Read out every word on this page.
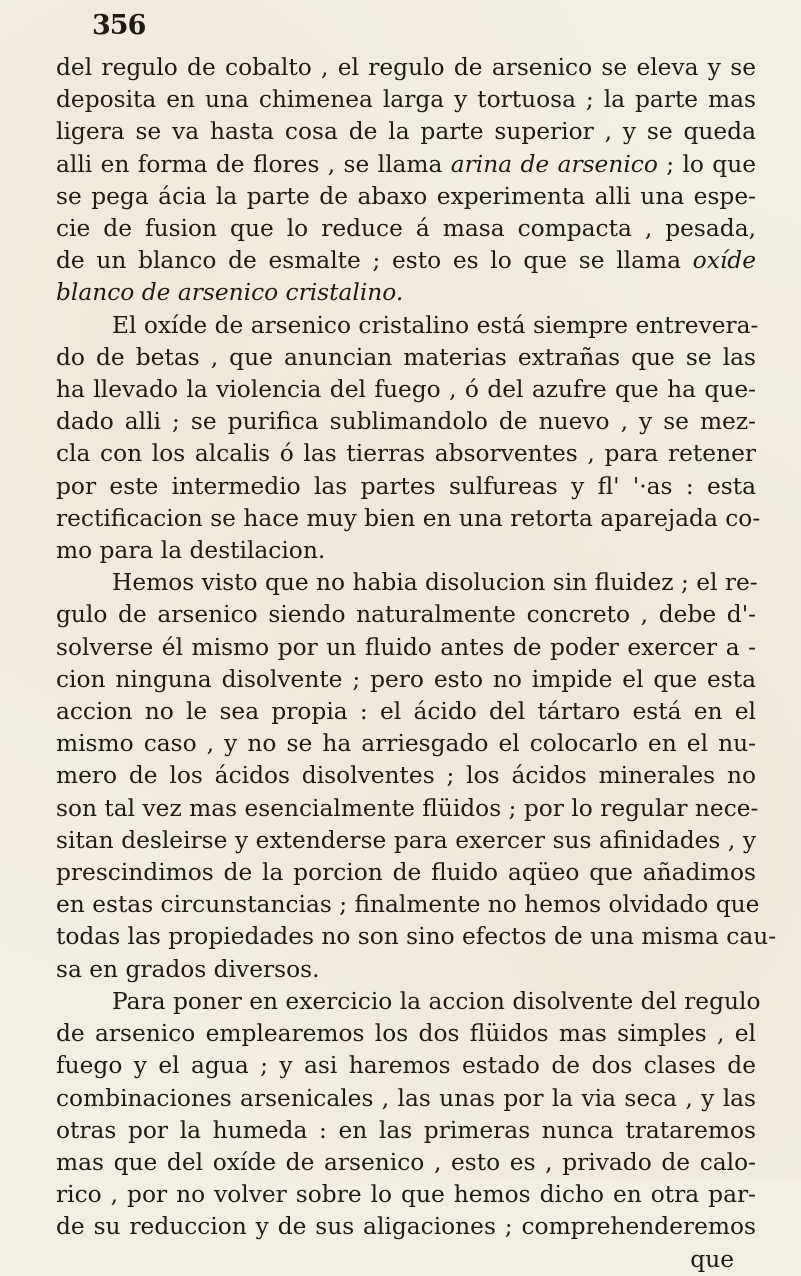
356
del regulo de cobalto , el regulo de arsenico se eleva y se
deposita en una chimenea larga y tortuosa ; la parte mas
ligera se va hasta cosa de la parte superior , y se queda
alli en forma de flores , se llama arina de arsenico ; lo que
se pega ácia la parte de abaxo experimenta alli una espe-
cie de fusion que lo reduce á masa compacta , pesada,
de un blanco de esmalte ; esto es lo que se llama oxíde
blanco de arsenico cristalino.
El oxíde de arsenico cristalino está siempre entrevera-
do de betas , que anuncian materias extrañas que se las
ha llevado la violencia del fuego , ó del azufre que ha que-
dado alli ; se purifica sublimandolo de nuevo , y se mez-
cla con los alcalis ó las tierras absorventes , para retener
por este intermedio las partes sulfureas y fl' '·as : esta
rectificacion se hace muy bien en una retorta aparejada co-
mo para la destilacion.
Hemos visto que no habia disolucion sin fluidez ; el re-
gulo de arsenico siendo naturalmente concreto , debe d'-
solverse él mismo por un fluido antes de poder exercer a -
cion ninguna disolvente ; pero esto no impide el que esta
accion no le sea propia : el ácido del tártaro está en el
mismo caso , y no se ha arriesgado el colocarlo en el nu-
mero de los ácidos disolventes ; los ácidos minerales no
son tal vez mas esencialmente flüidos ; por lo regular nece-
sitan desleirse y extenderse para exercer sus afinidades , y
prescindimos de la porcion de fluido aqüeo que añadimos
en estas circunstancias ; finalmente no hemos olvidado que
todas las propiedades no son sino efectos de una misma cau-
sa en grados diversos.
Para poner en exercicio la accion disolvente del regulo
de arsenico emplearemos los dos flüidos mas simples , el
fuego y el agua ; y asi haremos estado de dos clases de
combinaciones arsenicales , las unas por la via seca , y las
otras por la humeda : en las primeras nunca trataremos
mas que del oxíde de arsenico , esto es , privado de calo-
rico , por no volver sobre lo que hemos dicho en otra par-
de su reduccion y de sus aligaciones ; comprehenderemos
que
